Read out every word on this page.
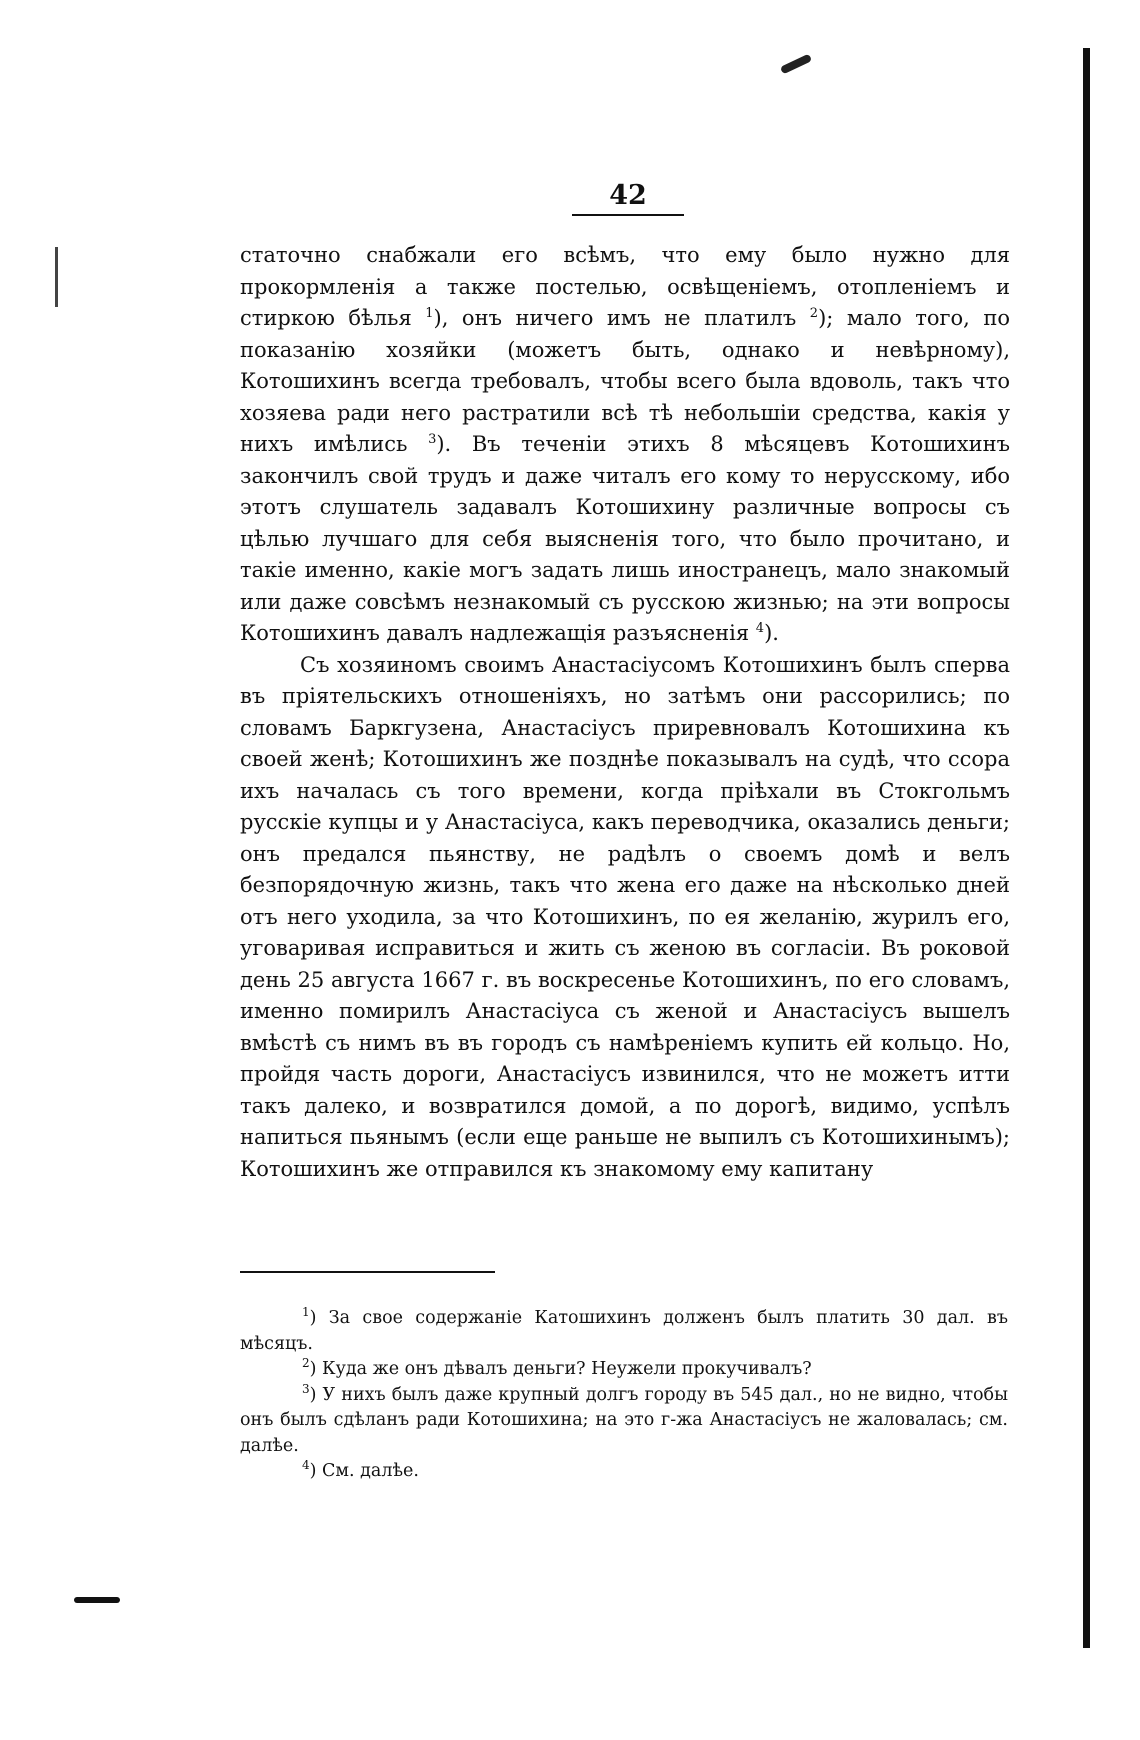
42

статочно снабжали его всѣмъ, что ему было нужно для прокормленія а также постелью, освѣщеніемъ, отопленіемъ и стиркою бѣлья $^1$), онъ ничего имъ не платилъ $^2$); мало того, по показанію хозяйки (можетъ быть, однако и невѣрному), Котошихинъ всегда требовалъ, чтобы всего была вдоволь, такъ что хозяева ради него растратили всѣ тѣ небольшіи средства, какія у нихъ имѣлись $^3$). Въ теченіи этихъ 8 мѣсяцевъ Котошихинъ закончилъ свой трудъ и даже читалъ его кому то нерусскому, ибо этотъ слушатель задавалъ Котошихину различные вопросы съ цѣлью лучшаго для себя выясненія того, что было прочитано, и такіе именно, какіе могъ задать лишь иностранецъ, мало знакомый или даже совсѣмъ незнакомый съ русскою жизнью; на эти вопросы Котошихинъ давалъ надлежащія разъясненія $^4$).

Съ хозяиномъ своимъ Анастасіусомъ Котошихинъ былъ сперва въ пріятельскихъ отношеніяхъ, но затѣмъ они рассорились; по словамъ Баркгузена, Анастасіусъ приревновалъ Котошихина къ своей женѣ; Котошихинъ же позднѣе показывалъ на судѣ, что ссора ихъ началась съ того времени, когда пріѣхали въ Стокгольмъ русскіе купцы и у Анастасіуса, какъ переводчика, оказались деньги; онъ предался пьянству, не радѣлъ о своемъ домѣ и велъ безпорядочную жизнь, такъ что жена его даже на нѣсколько дней отъ него уходила, за что Котошихинъ, по ея желанію, журилъ его, уговаривая исправиться и жить съ женою въ согласіи. Въ роковой день 25 августа 1667 г. въ воскресенье Котошихинъ, по его словамъ, именно помирилъ Анастасіуса съ женой и Анастасіусъ вышелъ вмѣстѣ съ нимъ въ въ городъ съ намѣреніемъ купить ей кольцо. Но, пройдя часть дороги, Анастасіусъ извинился, что не можетъ итти такъ далеко, и возвратился домой, а по дорогѣ, видимо, успѣлъ напиться пьянымъ (если еще раньше не выпилъ съ Котошихинымъ); Котошихинъ же отправился къ знакомому ему капитану

$^1$) За свое содержаніе Катошихинъ долженъ былъ платить 30 дал. въ мѣсяцъ.

$^2$) Куда же онъ дѣвалъ деньги? Неужели прокучивалъ?

$^3$) У нихъ былъ даже крупный долгъ городу въ 545 дал., но не видно, чтобы онъ былъ сдѣланъ ради Котошихина; на это г-жа Анастасіусъ не жаловалась; см. далѣе.

$^4$) См. далѣе.
